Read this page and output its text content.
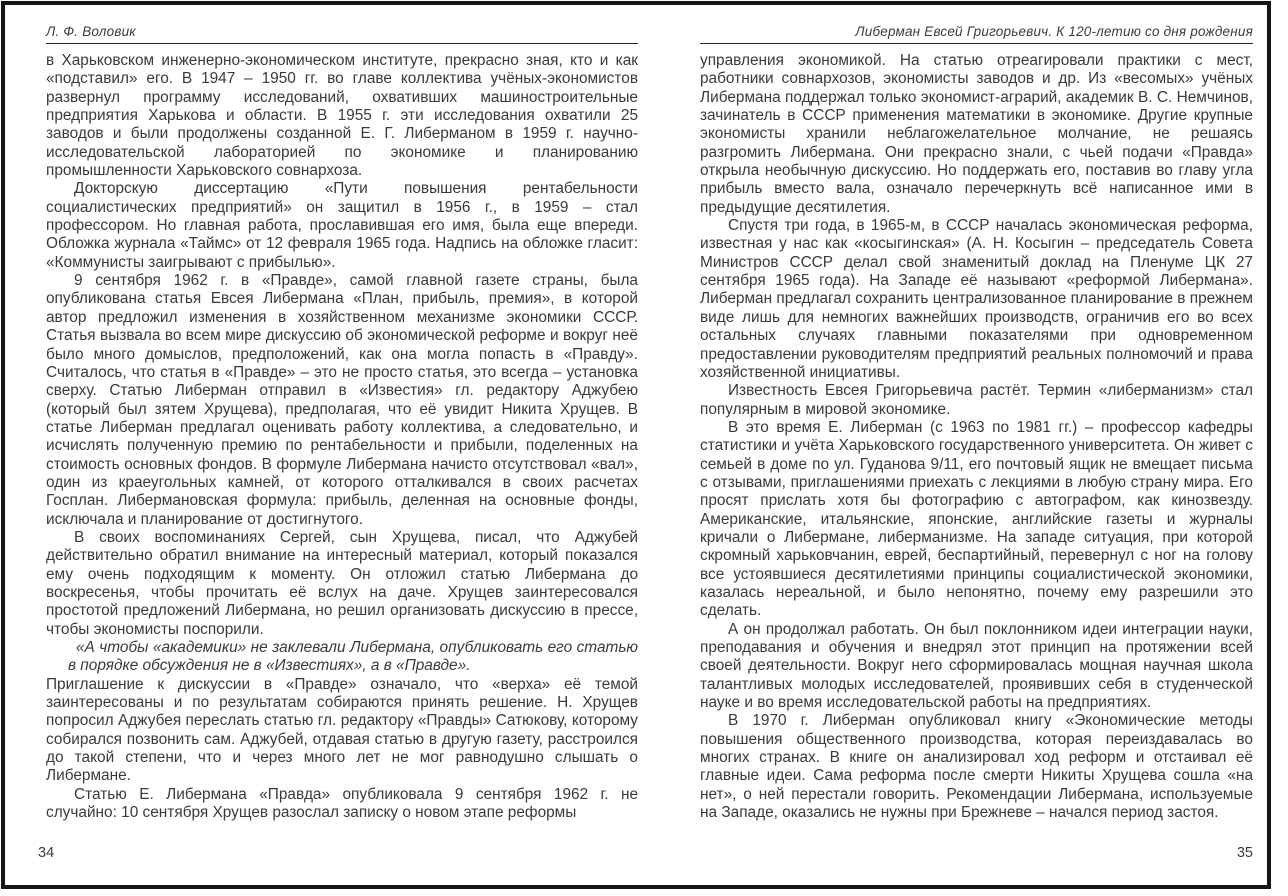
Л. Ф. Воловик

в Харьковском инженерно-экономическом институте, прекрасно зная, кто и как «подставил» его. В 1947 – 1950 гг. во главе коллектива учёных-экономистов развернул программу исследований, охвативших машиностроительные предприятия Харькова и области. В 1955 г. эти исследования охватили 25 заводов и были продолжены созданной Е. Г. Либерманом в 1959 г. научно-исследовательской лабораторией по экономике и планированию промышленности Харьковского совнархоза.

Докторскую диссертацию «Пути повышения рентабельности социалистических предприятий» он защитил в 1956 г., в 1959 – стал профессором. Но главная работа, прославившая его имя, была еще впереди. Обложка журнала «Таймс» от 12 февраля 1965 года. Надпись на обложке гласит: «Коммунисты заигрывают с прибылью».

9 сентября 1962 г. в «Правде», самой главной газете страны, была опубликована статья Евсея Либермана «План, прибыль, премия», в которой автор предложил изменения в хозяйственном механизме экономики СССР. Статья вызвала во всем мире дискуссию об экономической реформе и вокруг неё было много домыслов, предположений, как она могла попасть в «Правду». Считалось, что статья в «Правде» – это не просто статья, это всегда – установка сверху. Статью Либерман отправил в «Известия» гл. редактору Аджубею (который был зятем Хрущева), предполагая, что её увидит Никита Хрущев. В статье Либерман предлагал оценивать работу коллектива, а следовательно, и исчислять полученную премию по рентабельности и прибыли, поделенных на стоимость основных фондов. В формуле Либермана начисто отсутствовал «вал», один из краеугольных камней, от которого отталкивался в своих расчетах Госплан. Либермановская формула: прибыль, деленная на основные фонды, исключала и планирование от достигнутого.

В своих воспоминаниях Сергей, сын Хрущева, писал, что Аджубей действительно обратил внимание на интересный материал, который показался ему очень подходящим к моменту. Он отложил статью Либермана до воскресенья, чтобы прочитать её вслух на даче. Хрущев заинтересовался простотой предложений Либермана, но решил организовать дискуссию в прессе, чтобы экономисты поспорили.

«А чтобы «академики» не заклевали Либермана, опубликовать его статью в порядке обсуждения не в «Известиях», а в «Правде».

Приглашение к дискуссии в «Правде» означало, что «верха» её темой заинтересованы и по результатам собираются принять решение. Н. Хрущев попросил Аджубея переслать статью гл. редактору «Правды» Сатюкову, которому собирался позвонить сам. Аджубей, отдавая статью в другую газету, расстроился до такой степени, что и через много лет не мог равнодушно слышать о Либермане.

Статью Е. Либермана «Правда» опубликовала 9 сентября 1962 г. не случайно: 10 сентября Хрущев разослал записку о новом этапе реформы

Либерман Евсей Григорьевич. К 120-летию со дня рождения

управления экономикой. На статью отреагировали практики с мест, работники совнархозов, экономисты заводов и др. Из «весомых» учёных Либермана поддержал только экономист-аграрий, академик В. С. Немчинов, зачинатель в СССР применения математики в экономике. Другие крупные экономисты хранили неблагожелательное молчание, не решаясь разгромить Либермана. Они прекрасно знали, с чьей подачи «Правда» открыла необычную дискуссию. Но поддержать его, поставив во главу угла прибыль вместо вала, означало перечеркнуть всё написанное ими в предыдущие десятилетия.

Спустя три года, в 1965-м, в СССР началась экономическая реформа, известная у нас как «косыгинская» (А. Н. Косыгин – председатель Совета Министров СССР делал свой знаменитый доклад на Пленуме ЦК 27 сентября 1965 года). На Западе её называют «реформой Либермана». Либерман предлагал сохранить централизованное планирование в прежнем виде лишь для немногих важнейших производств, ограничив его во всех остальных случаях главными показателями при одновременном предоставлении руководителям предприятий реальных полномочий и права хозяйственной инициативы.

Известность Евсея Григорьевича растёт. Термин «либерманизм» стал популярным в мировой экономике.

В это время Е. Либерман (с 1963 по 1981 гг.) – профессор кафедры статистики и учёта Харьковского государственного университета. Он живет с семьей в доме по ул. Гуданова 9/11, его почтовый ящик не вмещает письма с отзывами, приглашениями приехать с лекциями в любую страну мира. Его просят прислать хотя бы фотографию с автографом, как кинозвезду. Американские, итальянские, японские, английские газеты и журналы кричали о Либермане, либерманизме. На западе ситуация, при которой скромный харьковчанин, еврей, беспартийный, перевернул с ног на голову все устоявшиеся десятилетиями принципы социалистической экономики, казалась нереальной, и было непонятно, почему ему разрешили это сделать.

А он продолжал работать. Он был поклонником идеи интеграции науки, преподавания и обучения и внедрял этот принцип на протяжении всей своей деятельности. Вокруг него сформировалась мощная научная школа талантливых молодых исследователей, проявивших себя в студенческой науке и во время исследовательской работы на предприятиях.

В 1970 г. Либерман опубликовал книгу «Экономические методы повышения общественного производства, которая переиздавалась во многих странах. В книге он анализировал ход реформ и отстаивал её главные идеи. Сама реформа после смерти Никиты Хрущева сошла «на нет», о ней перестали говорить. Рекомендации Либермана, используемые на Западе, оказались не нужны при Брежневе – начался период застоя.

34	35
